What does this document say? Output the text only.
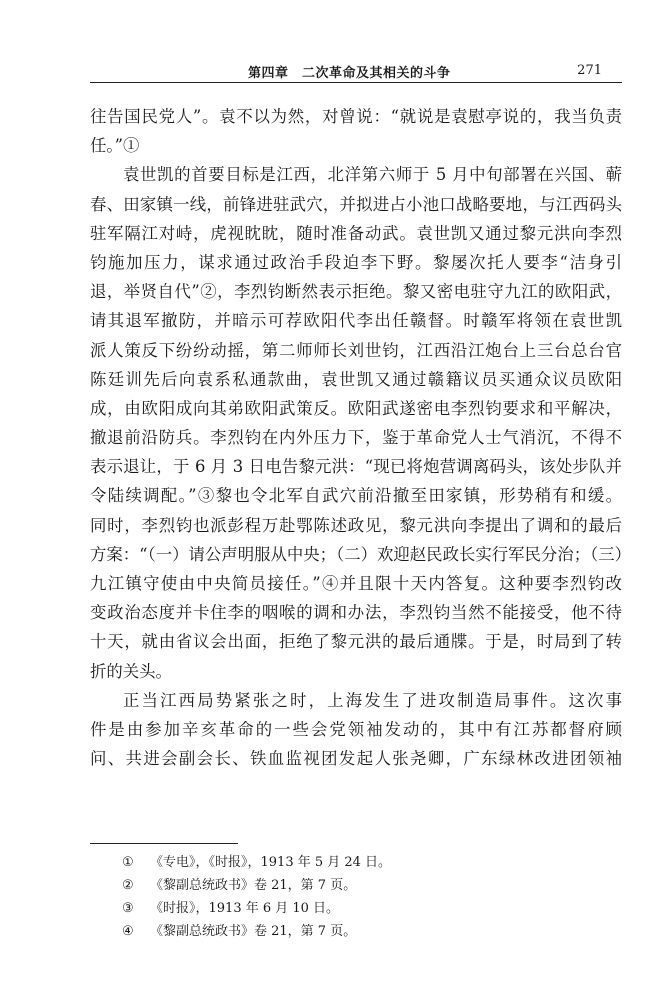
第四章　二次革命及其相关的斗争	271
往告国民党人”。袁不以为然，对曾说：“就说是袁慰亭说的，我当负责
任。”①
袁世凯的首要目标是江西，北洋第六师于 5 月中旬部署在兴国、蕲
春、田家镇一线，前锋进驻武穴，并拟进占小池口战略要地，与江西码头
驻军隔江对峙，虎视眈眈，随时准备动武。袁世凯又通过黎元洪向李烈
钧施加压力，谋求通过政治手段迫李下野。黎屡次托人要李“洁身引
退，举贤自代”②，李烈钧断然表示拒绝。黎又密电驻守九江的欧阳武，
请其退军撤防，并暗示可荐欧阳代李出任赣督。时赣军将领在袁世凯
派人策反下纷纷动摇，第二师师长刘世钧，江西沿江炮台上三台总台官
陈廷训先后向袁系私通款曲，袁世凯又通过赣籍议员买通众议员欧阳
成，由欧阳成向其弟欧阳武策反。欧阳武遂密电李烈钧要求和平解决，
撤退前沿防兵。李烈钧在内外压力下，鉴于革命党人士气消沉，不得不
表示退让，于 6 月 3 日电告黎元洪：“现已将炮营调离码头，该处步队并
令陆续调配。”③黎也令北军自武穴前沿撤至田家镇，形势稍有和缓。
同时，李烈钧也派彭程万赴鄂陈述政见，黎元洪向李提出了调和的最后
方案：“（一）请公声明服从中央；（二）欢迎赵民政长实行军民分治；（三）
九江镇守使由中央简员接任。”④并且限十天内答复。这种要李烈钧改
变政治态度并卡住李的咽喉的调和办法，李烈钧当然不能接受，他不待
十天，就由省议会出面，拒绝了黎元洪的最后通牒。于是，时局到了转
折的关头。
正当江西局势紧张之时，上海发生了进攻制造局事件。这次事
件是由参加辛亥革命的一些会党领袖发动的，其中有江苏都督府顾
问、共进会副会长、铁血监视团发起人张尧卿，广东绿林改进团领袖
① 《专电》，《时报》，1913 年 5 月 24 日。
② 《黎副总统政书》卷 21，第 7 页。
③ 《时报》，1913 年 6 月 10 日。
④ 《黎副总统政书》卷 21，第 7 页。
